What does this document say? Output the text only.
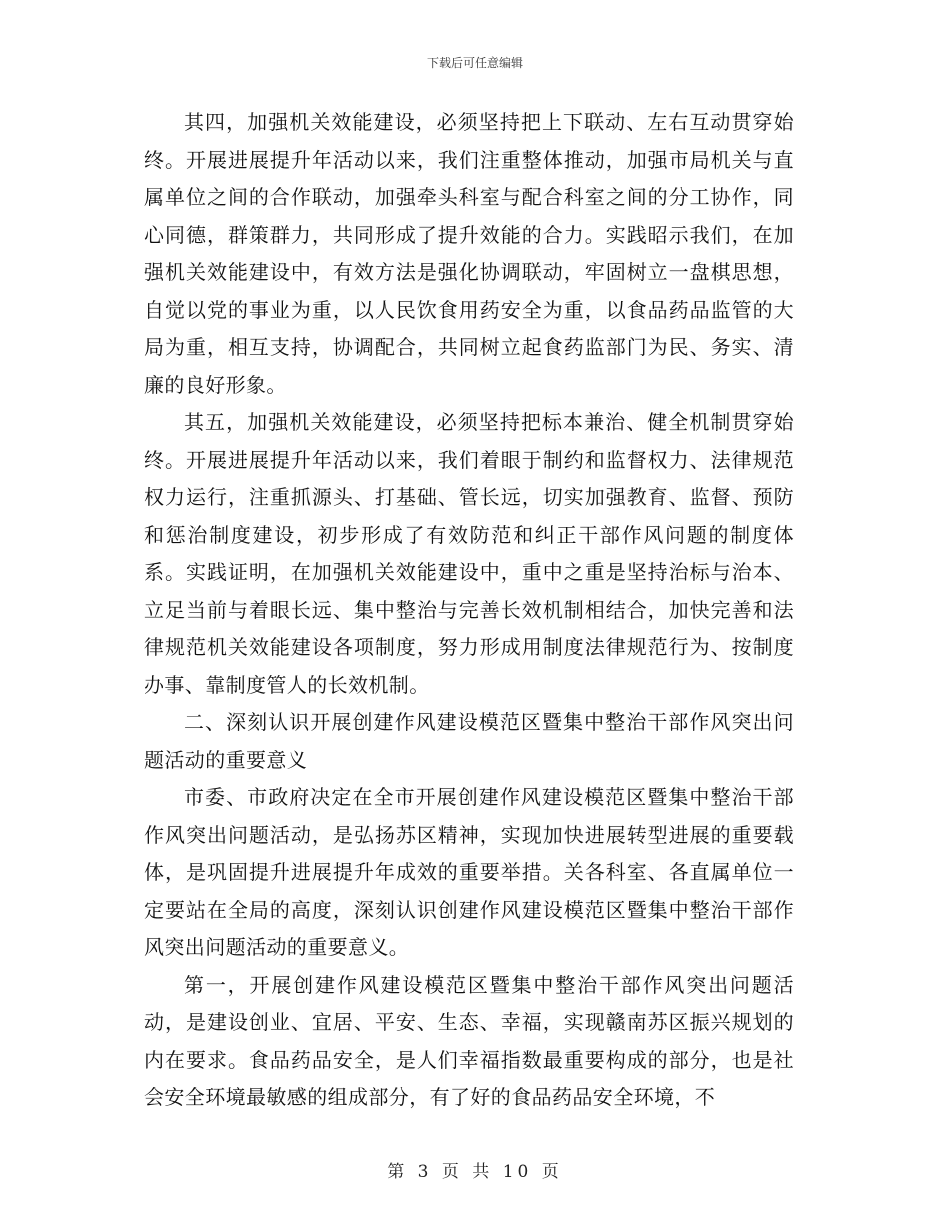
下载后可任意编辑

其四，加强机关效能建设，必须坚持把上下联动、左右互动贯穿始终。开展进展提升年活动以来，我们注重整体推动，加强市局机关与直属单位之间的合作联动，加强牵头科室与配合科室之间的分工协作，同心同德，群策群力，共同形成了提升效能的合力。实践昭示我们，在加强机关效能建设中，有效方法是强化协调联动，牢固树立一盘棋思想，自觉以党的事业为重，以人民饮食用药安全为重，以食品药品监管的大局为重，相互支持，协调配合，共同树立起食药监部门为民、务实、清廉的良好形象。

其五，加强机关效能建设，必须坚持把标本兼治、健全机制贯穿始终。开展进展提升年活动以来，我们着眼于制约和监督权力、法律规范权力运行，注重抓源头、打基础、管长远，切实加强教育、监督、预防和惩治制度建设，初步形成了有效防范和纠正干部作风问题的制度体系。实践证明，在加强机关效能建设中，重中之重是坚持治标与治本、立足当前与着眼长远、集中整治与完善长效机制相结合，加快完善和法律规范机关效能建设各项制度，努力形成用制度法律规范行为、按制度办事、靠制度管人的长效机制。

二、深刻认识开展创建作风建设模范区暨集中整治干部作风突出问题活动的重要意义

市委、市政府决定在全市开展创建作风建设模范区暨集中整治干部作风突出问题活动，是弘扬苏区精神，实现加快进展转型进展的重要载体，是巩固提升进展提升年成效的重要举措。关各科室、各直属单位一定要站在全局的高度，深刻认识创建作风建设模范区暨集中整治干部作风突出问题活动的重要意义。

第一，开展创建作风建设模范区暨集中整治干部作风突出问题活动，是建设创业、宜居、平安、生态、幸福，实现赣南苏区振兴规划的内在要求。食品药品安全，是人们幸福指数最重要构成的部分，也是社会安全环境最敏感的组成部分，有了好的食品药品安全环境，不

第 3 页 共 10 页
